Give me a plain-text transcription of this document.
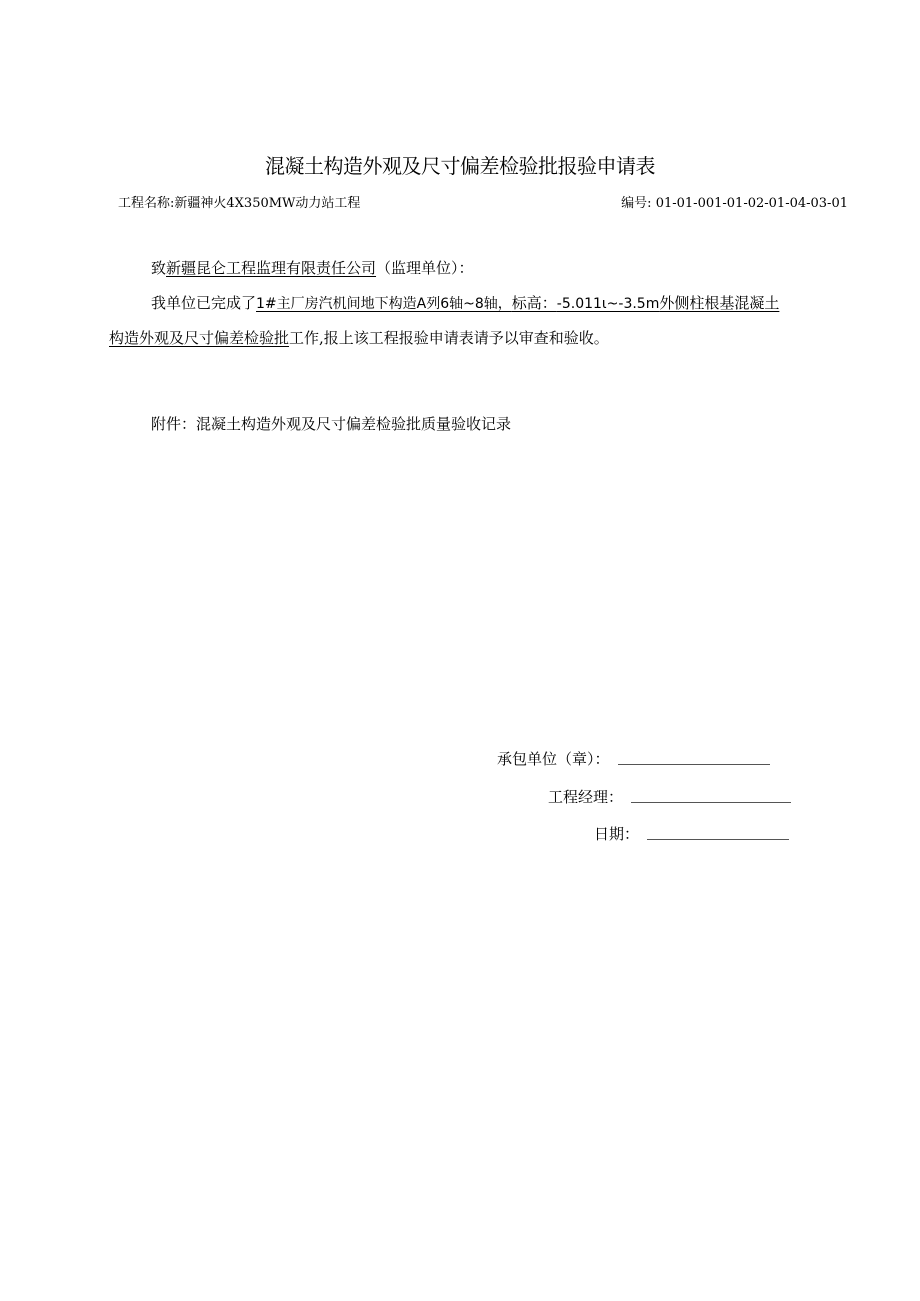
混凝土构造外观及尺寸偏差检验批报验申请表
工程名称:新疆神火4X350MW动力站工程	编号: 01-01-001-01-02-01-04-03-01
致新疆昆仑工程监理有限责任公司（监理单位）：
我单位已完成了1#主厂房汽机间地下构造A列6轴~8轴，标高：-5.011ι~-3.5m外侧柱根基混凝土
构造外观及尺寸偏差检验批工作,报上该工程报验申请表请予以审查和验收。
附件：混凝土构造外观及尺寸偏差检验批质量验收记录
承包单位（章）：
工程经理：
日期：
